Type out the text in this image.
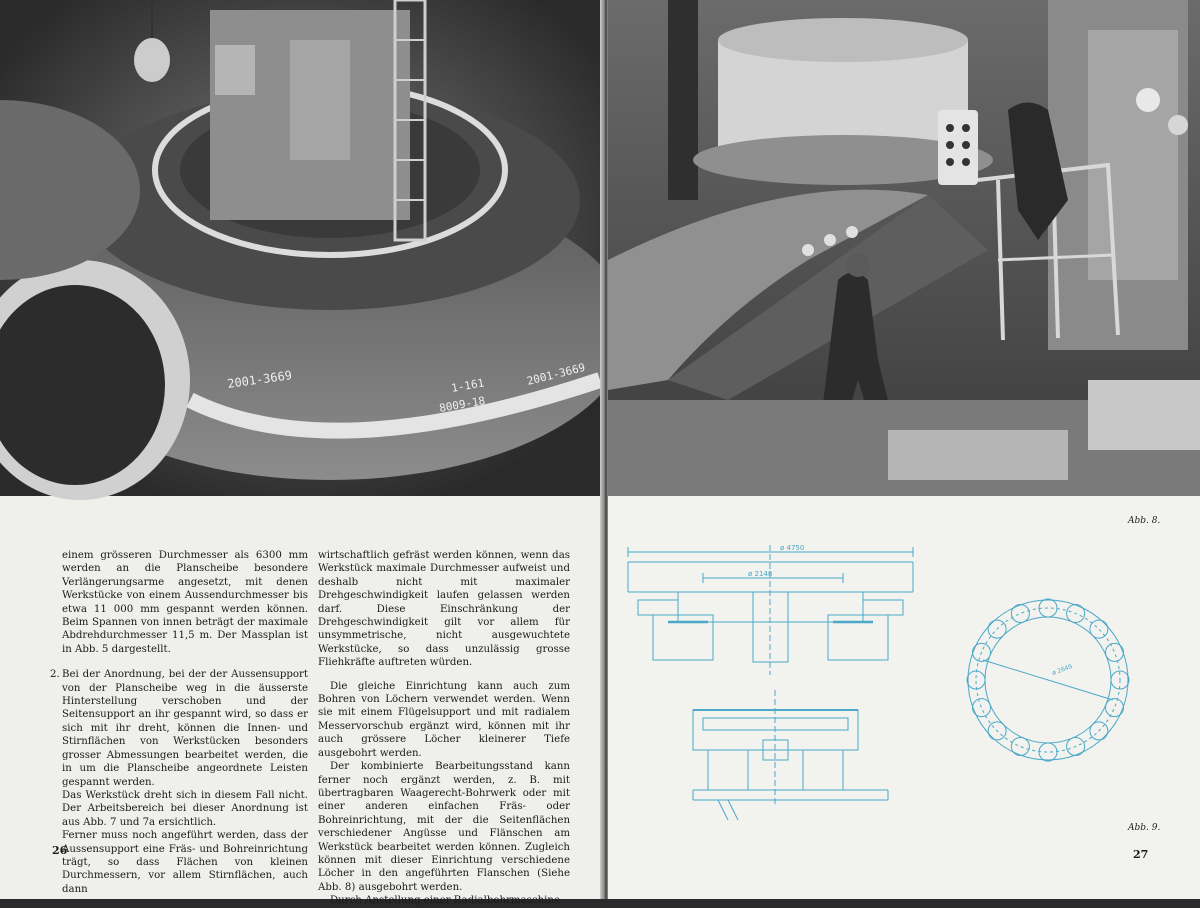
2001-3669	1-161
8009-18
2001-3669

einem grösseren Durchmesser als 6300 mm werden an die Planscheibe besondere Verlängerungsarme angesetzt, mit denen Werkstücke von einem Aussendurchmesser bis etwa 11 000 mm gespannt werden können. Beim Spannen von innen beträgt der maximale Abdrehdurchmesser 11,5 m. Der Massplan ist in Abb. 5 dargestellt.

2. Bei der Anordnung, bei der der Aussensupport von der Planscheibe weg in die äusserste Hinterstellung verschoben und der Seitensupport an ihr gespannt wird, so dass er sich mit ihr dreht, können die Innen- und Stirnflächen von Werkstücken besonders grosser Abmessungen bearbeitet werden, die in um die Planscheibe angeordnete Leisten gespannt werden.

Das Werkstück dreht sich in diesem Fall nicht. Der Arbeitsbereich bei dieser Anordnung ist aus Abb. 7 und 7a ersichtlich.

Ferner muss noch angeführt werden, dass der Aussensupport eine Fräs- und Bohreinrichtung trägt, so dass Flächen von kleinen Durchmessern, vor allem Stirnflächen, auch dann

wirtschaftlich gefräst werden können, wenn das Werkstück maximale Durchmesser aufweist und deshalb nicht mit maximaler Drehgeschwindigkeit laufen gelassen werden darf. Diese Einschränkung der Drehgeschwindigkeit gilt vor allem für unsymmetrische, nicht ausgewuchtete Werkstücke, so dass unzulässig grosse Fliehkräfte auftreten würden.

Die gleiche Einrichtung kann auch zum Bohren von Löchern verwendet werden. Wenn sie mit einem Flügelsupport und mit radialem Messervorschub ergänzt wird, können mit ihr auch grössere Löcher kleinerer Tiefe ausgebohrt werden.

Der kombinierte Bearbeitungsstand kann ferner noch ergänzt werden, z. B. mit übertragbaren Waagerecht-Bohrwerk oder mit einer anderen einfachen Fräs- oder Bohreinrichtung, mit der die Seitenflächen verschiedener Angüsse und Flänschen am Werkstück bearbeitet werden können. Zugleich können mit dieser Einrichtung verschiedene Löcher in den angeführten Flanschen (Siehe Abb. 8) ausgebohrt werden.

Durch Anstellung einer Radialbohrmaschine

26
Abb. 8.
ø 4750
ø 2148
ø 2649
Abb. 9.
27
